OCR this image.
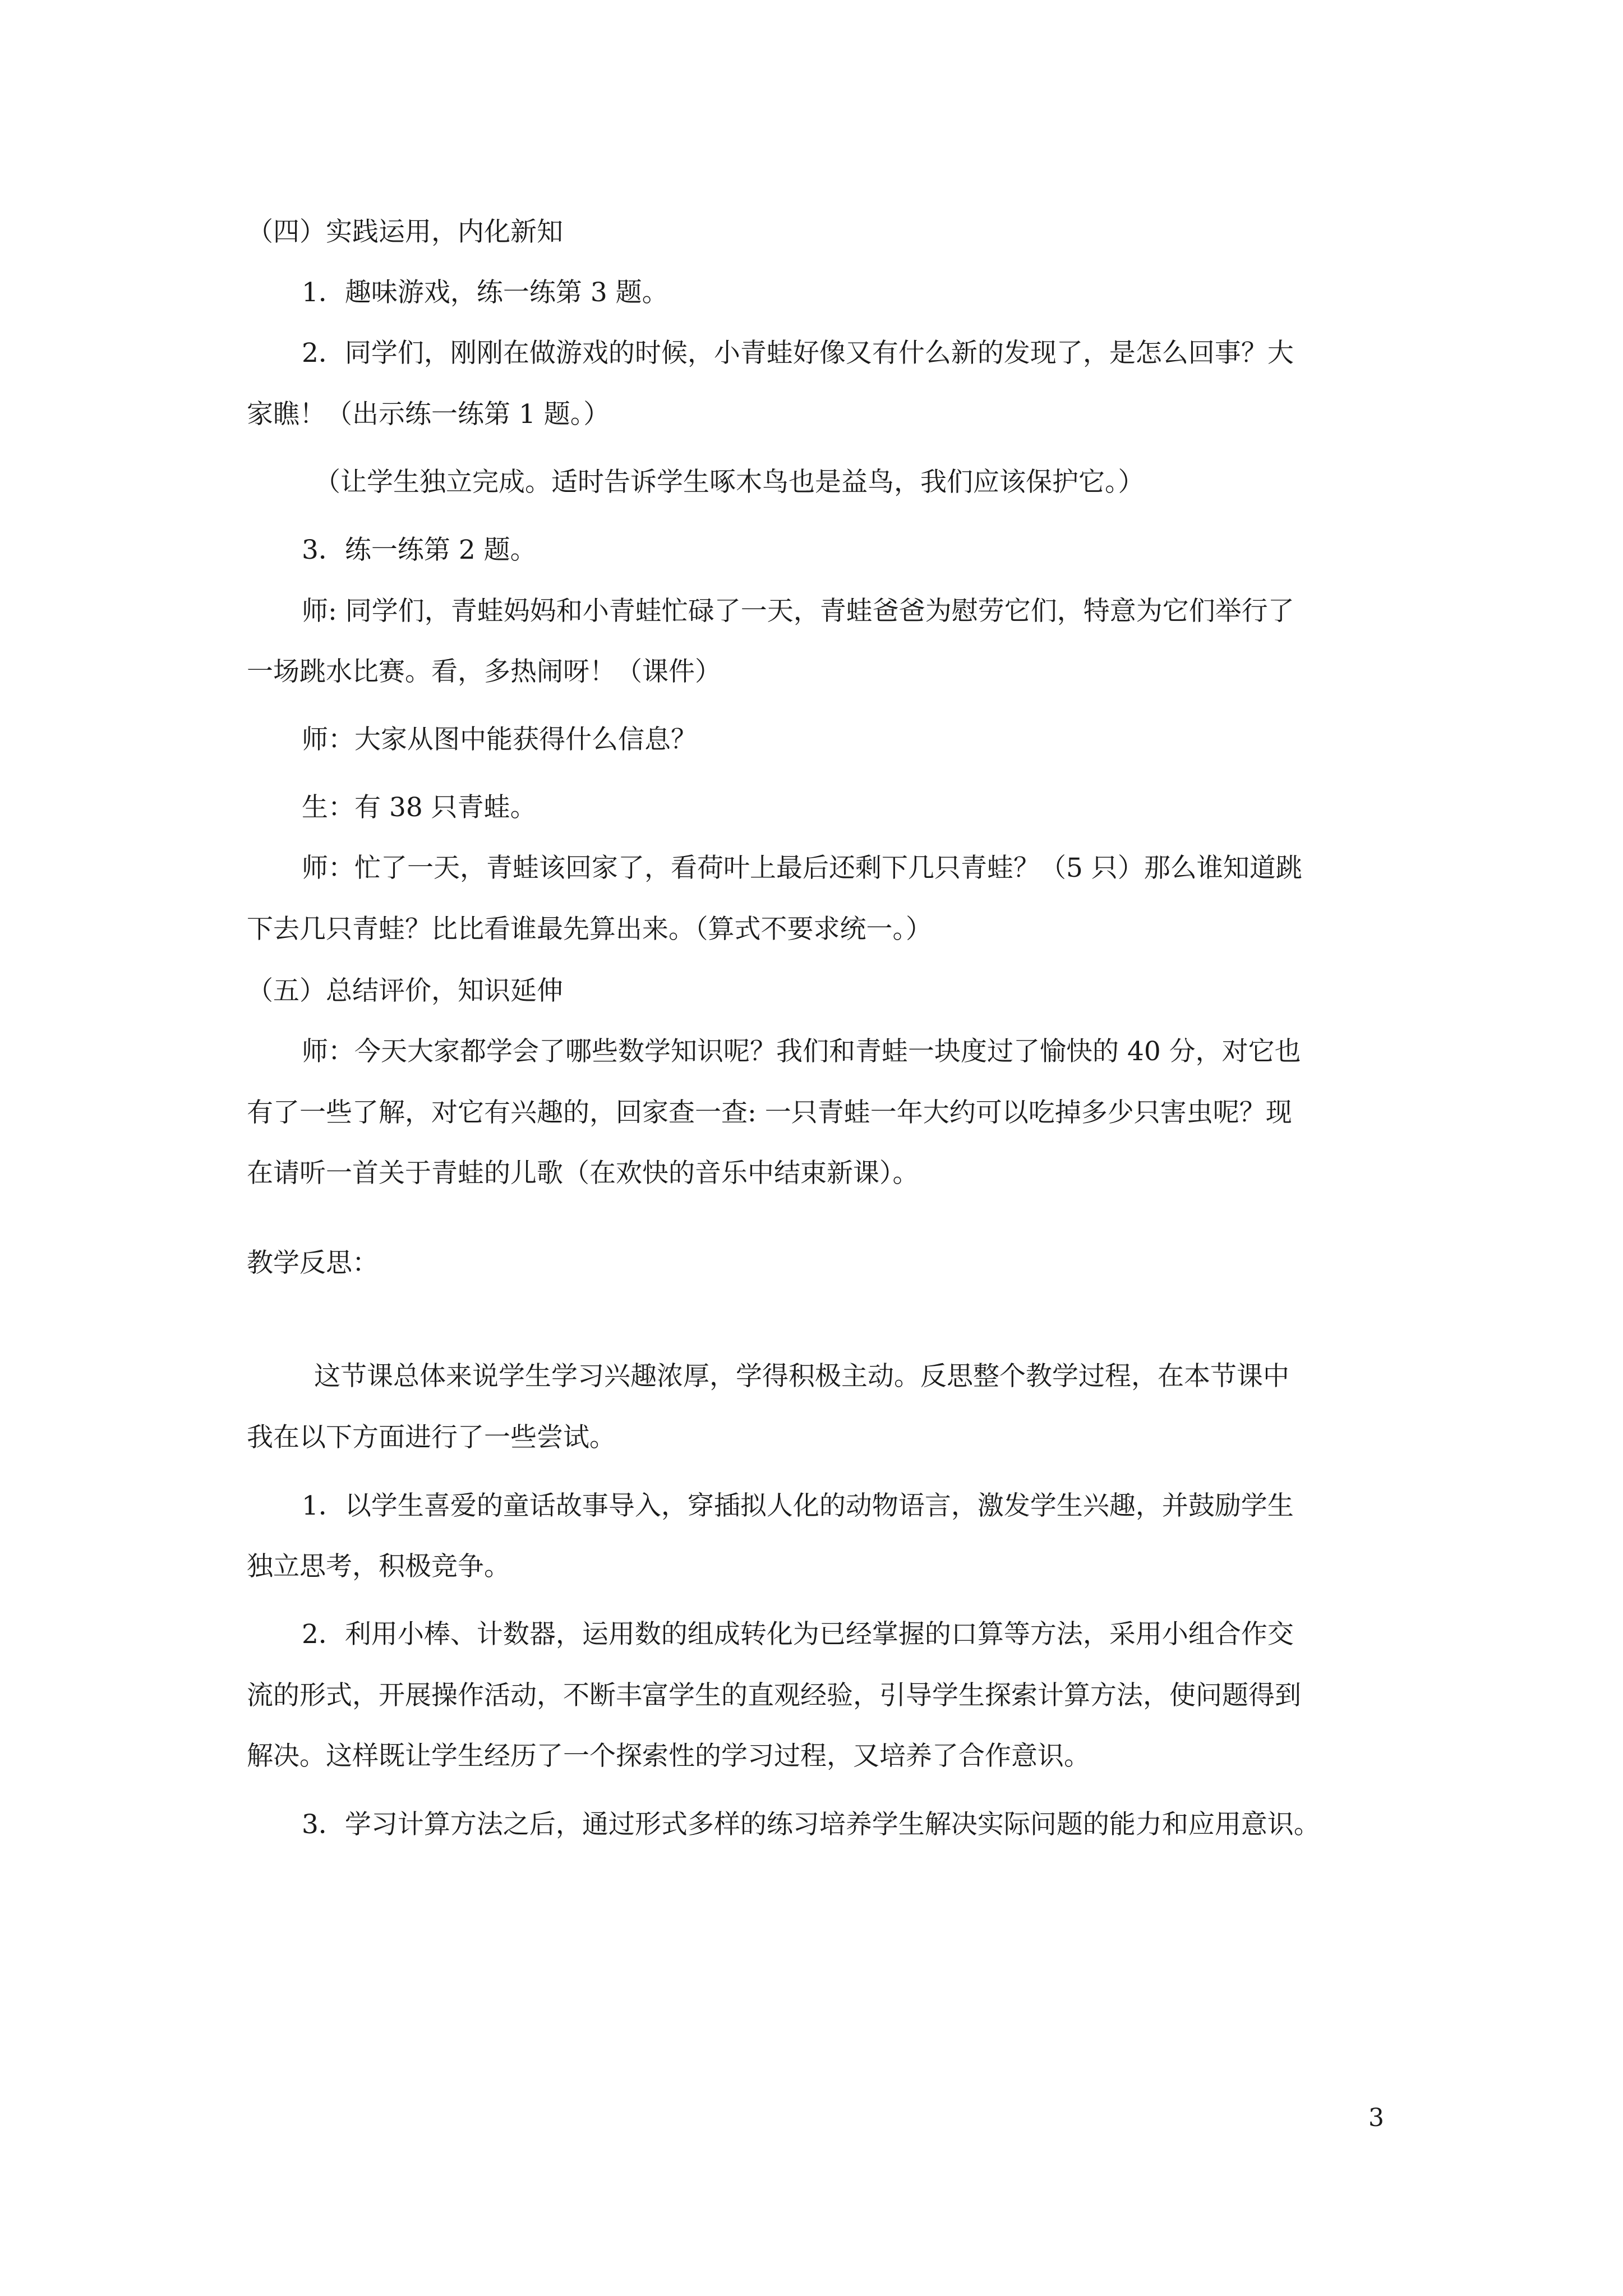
（四）实践运用，内化新知
1．趣味游戏，练一练第 3 题。
2．同学们，刚刚在做游戏的时候，小青蛙好像又有什么新的发现了，是怎么回事？大
家瞧！（出示练一练第 1 题。）
（让学生独立完成。适时告诉学生啄木鸟也是益鸟，我们应该保护它。）
3．练一练第 2 题。
师: 同学们，青蛙妈妈和小青蛙忙碌了一天，青蛙爸爸为慰劳它们，特意为它们举行了
一场跳水比赛。看，多热闹呀！（课件）
师：大家从图中能获得什么信息？
生：有 38 只青蛙。
师：忙了一天，青蛙该回家了，看荷叶上最后还剩下几只青蛙？（5 只）那么谁知道跳
下去几只青蛙？比比看谁最先算出来。（算式不要求统一。）
（五）总结评价，知识延伸
师：今天大家都学会了哪些数学知识呢？我们和青蛙一块度过了愉快的 40 分，对它也
有了一些了解，对它有兴趣的，回家查一查: 一只青蛙一年大约可以吃掉多少只害虫呢？现
在请听一首关于青蛙的儿歌（在欢快的音乐中结束新课）。
教学反思：
这节课总体来说学生学习兴趣浓厚，学得积极主动。反思整个教学过程，在本节课中
我在以下方面进行了一些尝试。
1．以学生喜爱的童话故事导入，穿插拟人化的动物语言，激发学生兴趣，并鼓励学生
独立思考，积极竞争。
2．利用小棒、计数器，运用数的组成转化为已经掌握的口算等方法，采用小组合作交
流的形式，开展操作活动，不断丰富学生的直观经验，引导学生探索计算方法，使问题得到
解决。这样既让学生经历了一个探索性的学习过程，又培养了合作意识。
3．学习计算方法之后，通过形式多样的练习培养学生解决实际问题的能力和应用意识。
3
